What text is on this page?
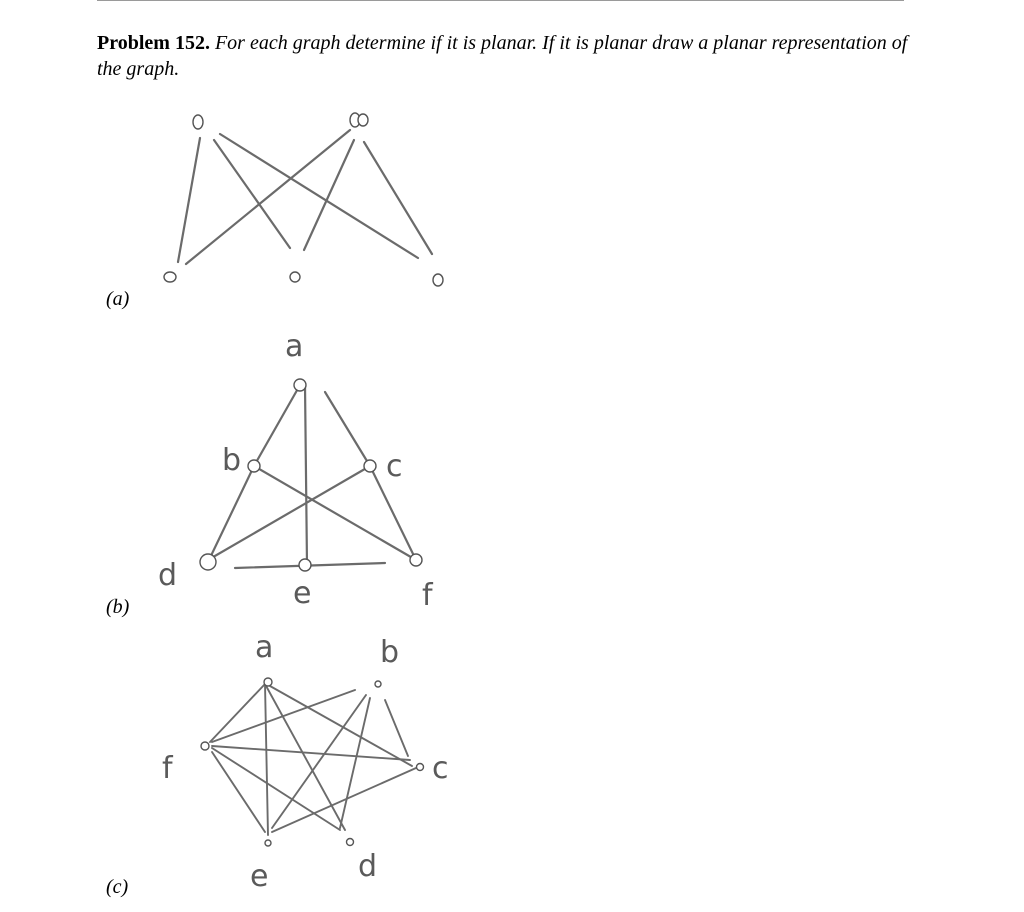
Problem 152. For each graph determine if it is planar. If it is planar draw a planar representation of the graph.
(a)
(b)
(c)
a
b	c
d
e	f
a	b
c
d
e
f
